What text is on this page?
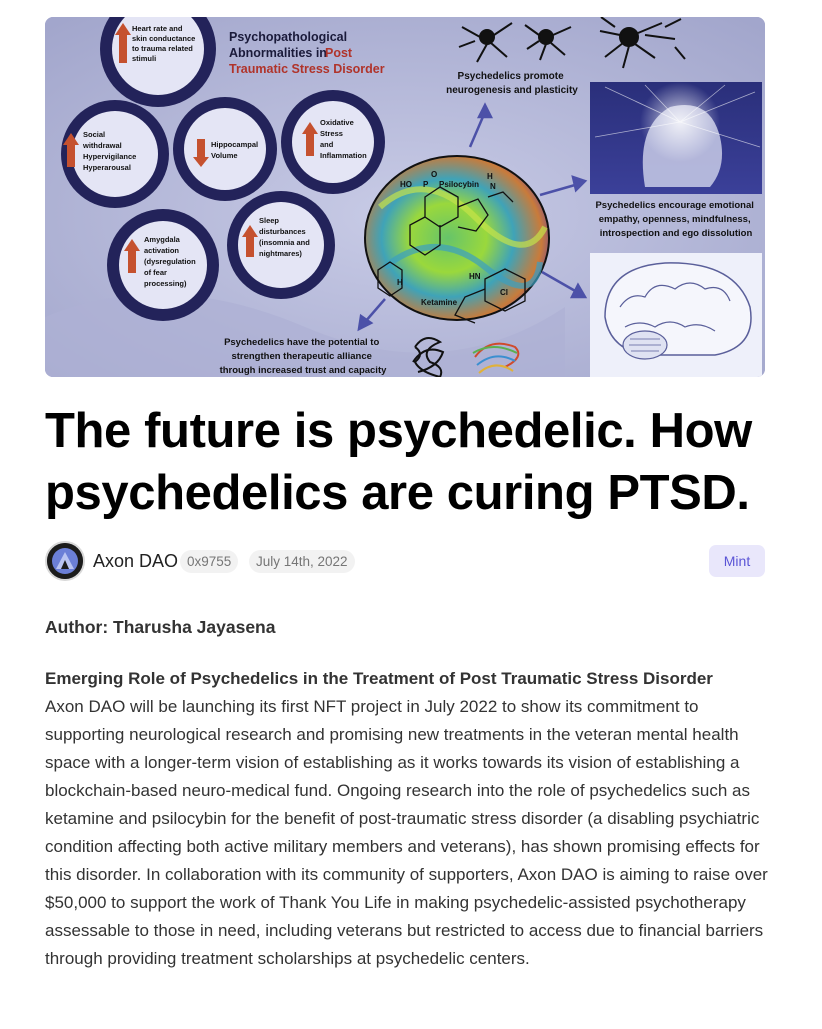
Heart rate and skin conductance to trauma related stimuli
Psychopathological Abnormalities in
Post Traumatic Stress Disorder
Social withdrawal Hypervigilance Hyperarousal
Hippocampal Volume
Oxidative Stress and Inflammation
Amygdala activation (dysregulation of fear processing)
Sleep disturbances (insomnia and nightmares)
HO P O Psilocybin H N HN Cl H Ketamine
Psychedelics promote neurogenesis and plasticity
Psychedelics encourage emotional empathy, openness, mindfulness, introspection and ego dissolution
Psychedelics have the potential to strengthen therapeutic alliance through increased trust and capacity
The future is psychedelic. How psychedelics are curing PTSD.
Axon DAO 0x9755	July 14th, 2022	Mint

Author: Tharusha Jayasena

Emerging Role of Psychedelics in the Treatment of Post Traumatic Stress Disorder

Axon DAO will be launching its first NFT project in July 2022 to show its commitment to supporting neurological research and promising new treatments in the veteran mental health space with a longer-term vision of establishing as it works towards its vision of establishing a blockchain-based neuro-medical fund. Ongoing research into the role of psychedelics such as ketamine and psilocybin for the benefit of post-traumatic stress disorder (a disabling psychiatric condition affecting both active military members and veterans), has shown promising effects for this disorder. In collaboration with its community of supporters, Axon DAO is aiming to raise over $50,000 to support the work of Thank You Life in making psychedelic-assisted psychotherapy assessable to those in need, including veterans but restricted to access due to financial barriers through providing treatment scholarships at psychedelic centers.
